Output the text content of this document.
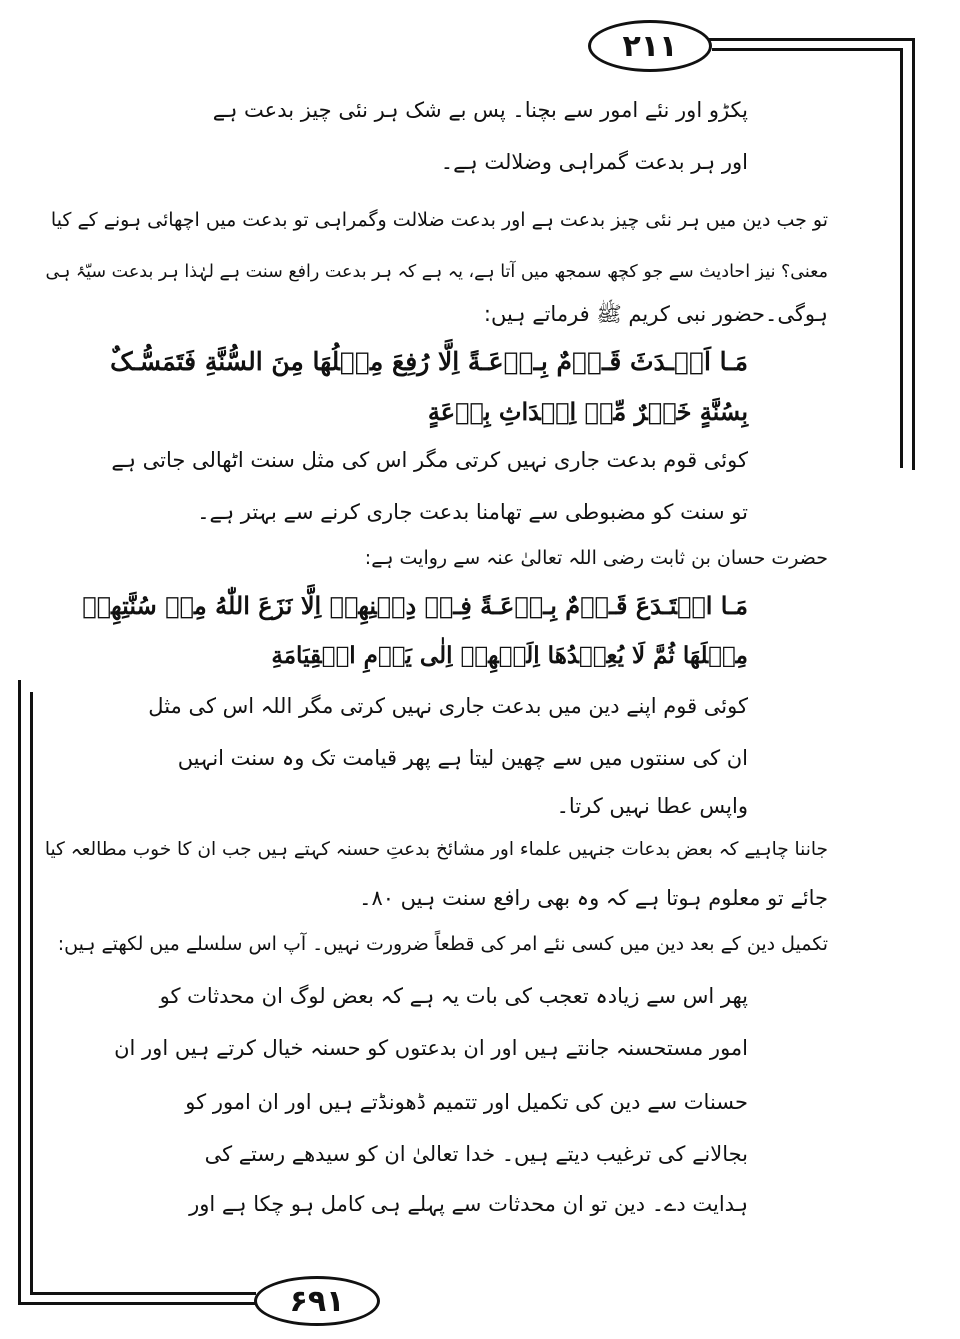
۲۱۱
۶۹۱
پکڑو اور نئے امور سے بچنا۔ پس بے شک ہر نئی چیز بدعت ہے
اور ہر بدعت گمراہی وضلالت ہے۔
تو جب دین میں ہر نئی چیز بدعت ہے اور بدعت ضلالت وگمراہی تو بدعت میں اچھائی ہونے کے کیا
معنی؟ نیز احادیث سے جو کچھ سمجھ میں آتا ہے، یہ ہے کہ ہر بدعت رافع سنت ہے لہٰذا ہر بدعت سیّۂ ہی
ہوگی۔حضور نبی کریم ﷺ فرماتے ہیں:
مَـا اَحۡـدَثَ قَـوۡمٌ بِـدۡعَـةً اِلَّا رُفِعَ مِثۡلُهَا مِنَ السُّنَّةِ فَتَمَسُّـکٌ
بِسُنَّةٍ خَيۡرٌ مِّنۡ اِحۡدَاثِ بِدۡعَةٍ
کوئی قوم بدعت جاری نہیں کرتی مگر اس کی مثل سنت اٹھالی جاتی ہے
تو سنت کو مضبوطی سے تھامنا بدعت جاری کرنے سے بہتر ہے۔
حضرت حسان بن ثابت رضی اللہ تعالیٰ عنہ سے روایت ہے:
مَـا ابۡتَـدَعَ قَـوۡمٌ بِـدۡعَـةً فِـيۡ دِيۡنِهِمۡ اِلَّا نَزَعَ اللّٰهُ مِنۡ سُنَّتِهِمۡ
مِثۡلَهَا ثُمَّ لَا يُعِيۡدُهَا اِلَيۡهِمۡ اِلٰى يَوۡمِ الۡقِيَامَةِ
کوئی قوم اپنے دین میں بدعت جاری نہیں کرتی مگر اللہ اس کی مثل
ان کی سنتوں میں سے چھین لیتا ہے پھر قیامت تک وہ سنت انہیں
واپس عطا نہیں کرتا۔
جاننا چاہیے کہ بعض بدعات جنہیں علماء اور مشائخ بدعتِ حسنہ کہتے ہیں جب ان کا خوب مطالعہ کیا
جائے تو معلوم ہوتا ہے کہ وہ بھی رافع سنت ہیں ۸۰۔
تکمیل دین کے بعد دین میں کسی نئے امر کی قطعاً ضرورت نہیں۔ آپ اس سلسلے میں لکھتے ہیں:
پھر اس سے زیادہ تعجب کی بات یہ ہے کہ بعض لوگ ان محدثات کو
امور مستحسنہ جانتے ہیں اور ان بدعتوں کو حسنہ خیال کرتے ہیں اور ان
حسنات سے دین کی تکمیل اور تتمیم ڈھونڈتے ہیں اور ان امور کو
بجالانے کی ترغیب دیتے ہیں۔ خدا تعالیٰ ان کو سیدھے رستے کی
ہدایت دے۔ دین تو ان محدثات سے پہلے ہی کامل ہو چکا ہے اور
